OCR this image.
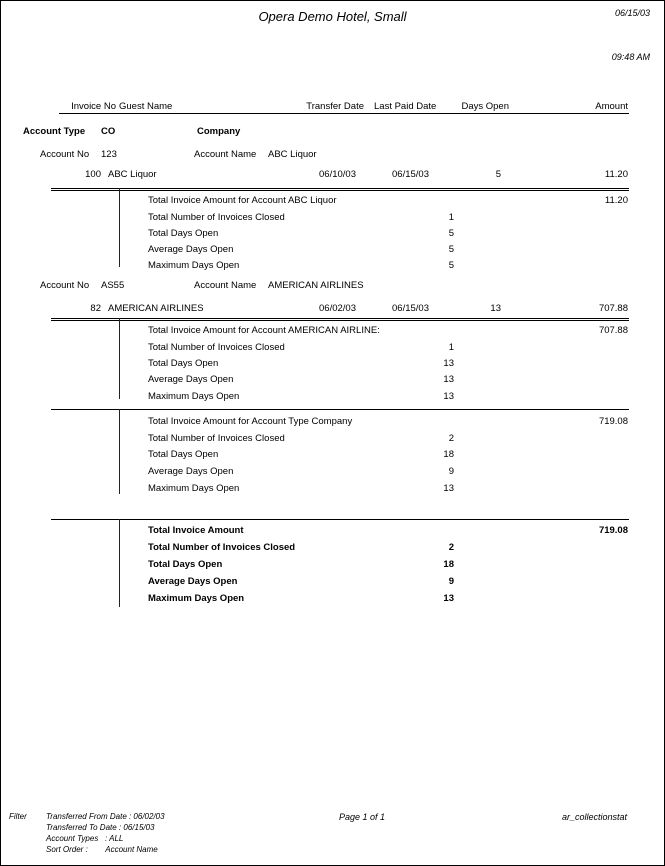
Opera Demo Hotel, Small	06/15/03
09:48 AM
Invoice No Guest Name	Transfer Date Last Paid Date	Days Open	Amount
Account Type CO	Company
Account No 123	Account Name ABC Liquor
100 ABC Liquor	06/10/03	06/15/03	5	11.20
Total Invoice Amount for Account ABC Liquor	11.20
Total Number of Invoices Closed	1
Total Days Open	5
Average Days Open	5
Maximum Days Open	5
Account No AS55	Account Name AMERICAN AIRLINES
82 AMERICAN AIRLINES	06/02/03	06/15/03	13	707.88
Total Invoice Amount for Account AMERICAN AIRLINE:	707.88
Total Number of Invoices Closed	1
Total Days Open	13
Average Days Open	13
Maximum Days Open	13
Total Invoice Amount for Account Type Company	719.08
Total Number of Invoices Closed	2
Total Days Open	18
Average Days Open	9
Maximum Days Open	13
Total Invoice Amount	719.08
Total Number of Invoices Closed	2
Total Days Open	18
Average Days Open	9
Maximum Days Open	13
Filter Transferred From Date : 06/02/03
Transferred To Date : 06/15/03
Account Types   : ALL
Sort Order :        Account Name
Page 1 of 1	ar_collectionstat
